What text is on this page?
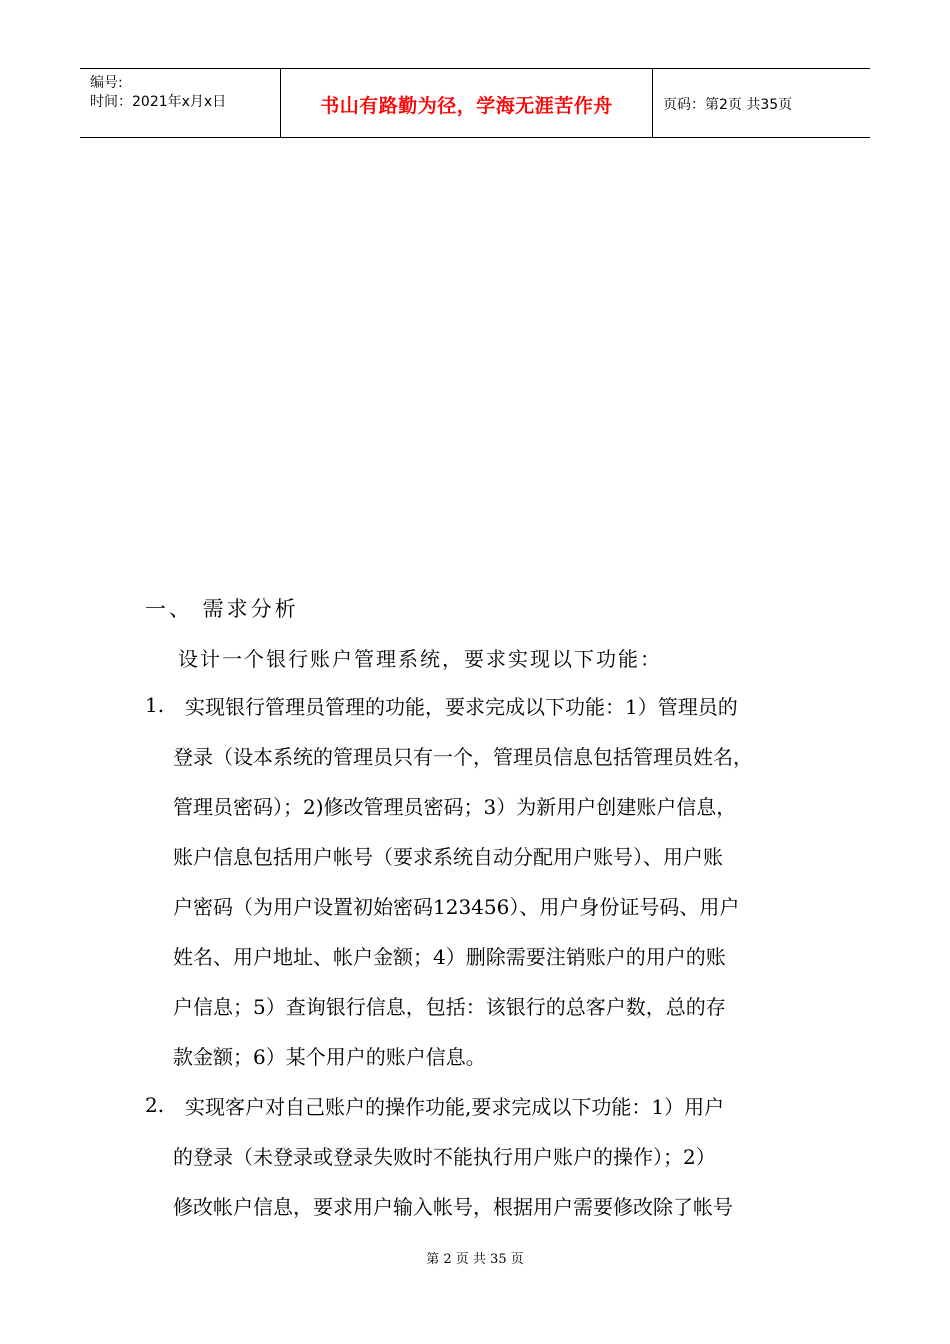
编号:
时间：2021年x月x日	书山有路勤为径，学海无涯苦作舟	页码：第2页 共35页
一、 需求分析
设计一个银行账户管理系统，要求实现以下功能：
1. 实现银行管理员管理的功能，要求完成以下功能：1）管理员的
登录（设本系统的管理员只有一个，管理员信息包括管理员姓名，
管理员密码）；2)修改管理员密码；3）为新用户创建账户信息，
账户信息包括用户帐号（要求系统自动分配用户账号）、用户账
户密码（为用户设置初始密码123456）、用户身份证号码、用户
姓名、用户地址、帐户金额；4）删除需要注销账户的用户的账
户信息；5）查询银行信息，包括：该银行的总客户数，总的存
款金额；6）某个用户的账户信息。
2. 实现客户对自己账户的操作功能,要求完成以下功能：1）用户
的登录（未登录或登录失败时不能执行用户账户的操作）；2）
修改帐户信息，要求用户输入帐号，根据用户需要修改除了帐号
第 2 页 共 35 页
